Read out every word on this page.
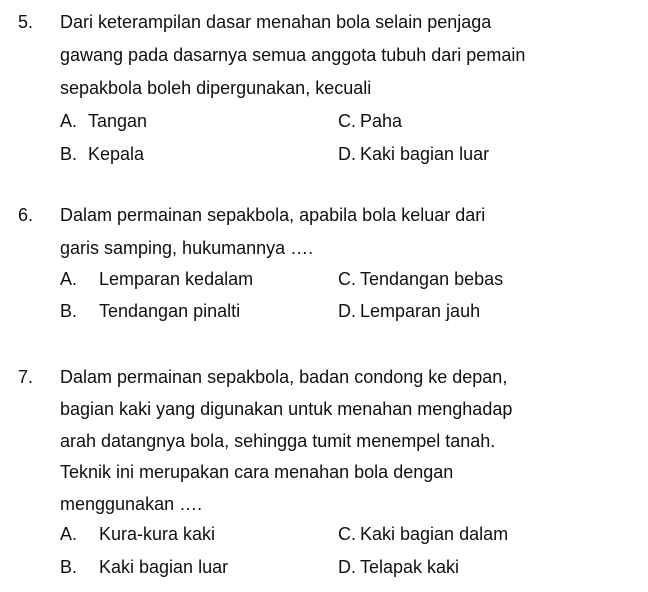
5. Dari keterampilan dasar menahan bola selain penjaga
gawang pada dasarnya semua anggota tubuh dari pemain
sepakbola boleh dipergunakan, kecuali
A. Tangan	C. Paha
B. Kepala	D. Kaki bagian luar
6. Dalam permainan sepakbola, apabila bola keluar dari
garis samping, hukumannya ….
A. Lemparan kedalam	C. Tendangan bebas
B. Tendangan pinalti	D. Lemparan jauh
7. Dalam permainan sepakbola, badan condong ke depan,
bagian kaki yang digunakan untuk menahan menghadap
arah datangnya bola, sehingga tumit menempel tanah.
Teknik ini merupakan cara menahan bola dengan
menggunakan ….
A. Kura-kura kaki	C. Kaki bagian dalam
B. Kaki bagian luar	D. Telapak kaki
